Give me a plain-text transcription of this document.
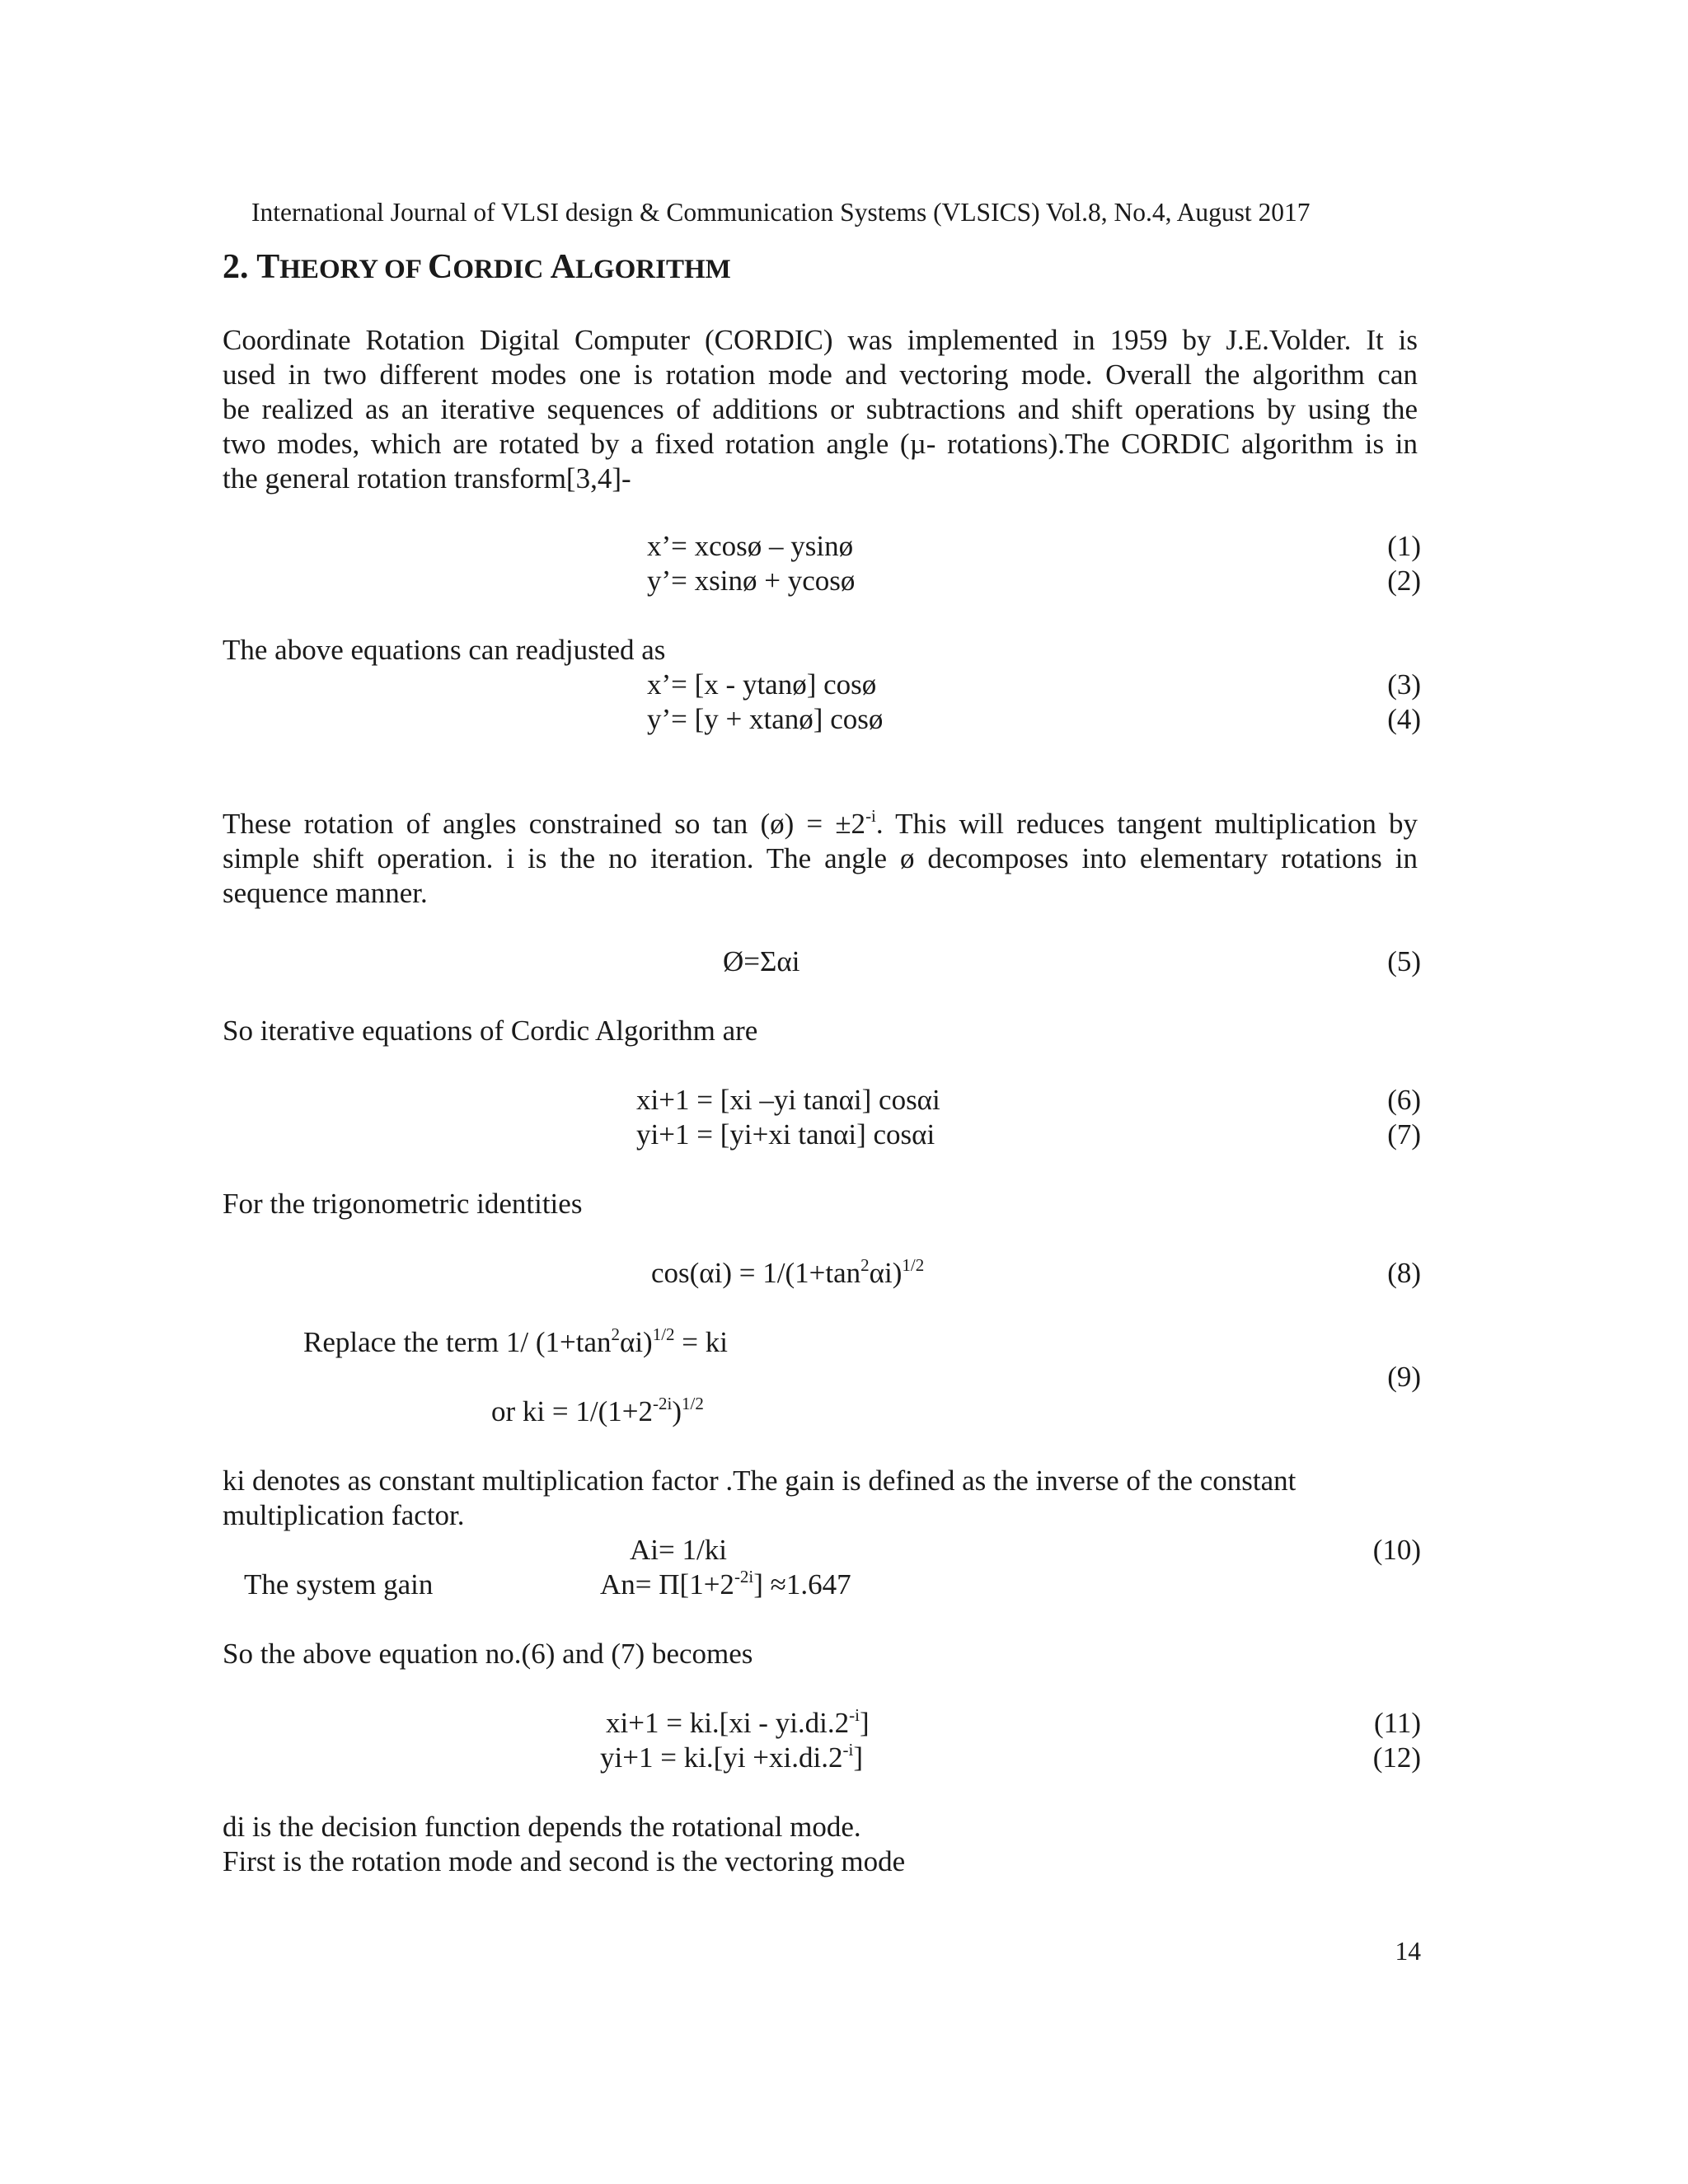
International Journal of VLSI design & Communication Systems (VLSICS) Vol.8, No.4, August 2017
2. THEORY OF CORDIC ALGORITHM
Coordinate Rotation Digital Computer (CORDIC) was implemented in 1959 by J.E.Volder. It is
used in two different modes one is rotation mode and vectoring mode. Overall the algorithm can
be realized as an iterative sequences of additions or subtractions and shift operations by using the
two modes, which are rotated by a fixed rotation angle (µ- rotations).The CORDIC algorithm is in
the general rotation transform[3,4]-
x’= xcosø – ysinø	(1)
y’= xsinø + ycosø	(2)
The above equations can readjusted as
x’= [x - ytanø] cosø	(3)
y’= [y + xtanø] cosø	(4)
These rotation of angles constrained so tan (ø) = $\pm 2^{-i}$. This will reduces tangent multiplication by
simple shift operation. i is the no iteration. The angle ø decomposes into elementary rotations in
sequence manner.
Ø=Σαi	(5)
So iterative equations of Cordic Algorithm are
xi+1 = [xi –yi tanαi] cosαi	(6)
yi+1 = [yi+xi tanαi] cosαi	(7)
For the trigonometric identities
$\cos(\alpha i) = 1/(1+\tan^2\alpha i)^{1/2}$	(8)
Replace the term 1/ $(1+\tan^2\alpha i)^{1/2}$ = ki
(9)
or ki = $1/(1+2^{-2i})^{1/2}$
ki denotes as constant multiplication factor .The gain is defined as the inverse of the constant
multiplication factor.
Ai= 1/ki	(10)
The system gain	$An= \Pi[1+2^{-2i}] \approx 1.647$
So the above equation no.(6) and (7) becomes
$xi+1 = ki.[xi - yi.di.2^{-i}]$	(11)
$yi+1 = ki.[yi +xi.di.2^{-i}]$	(12)
di is the decision function depends the rotational mode.
First is the rotation mode and second is the vectoring mode
14
